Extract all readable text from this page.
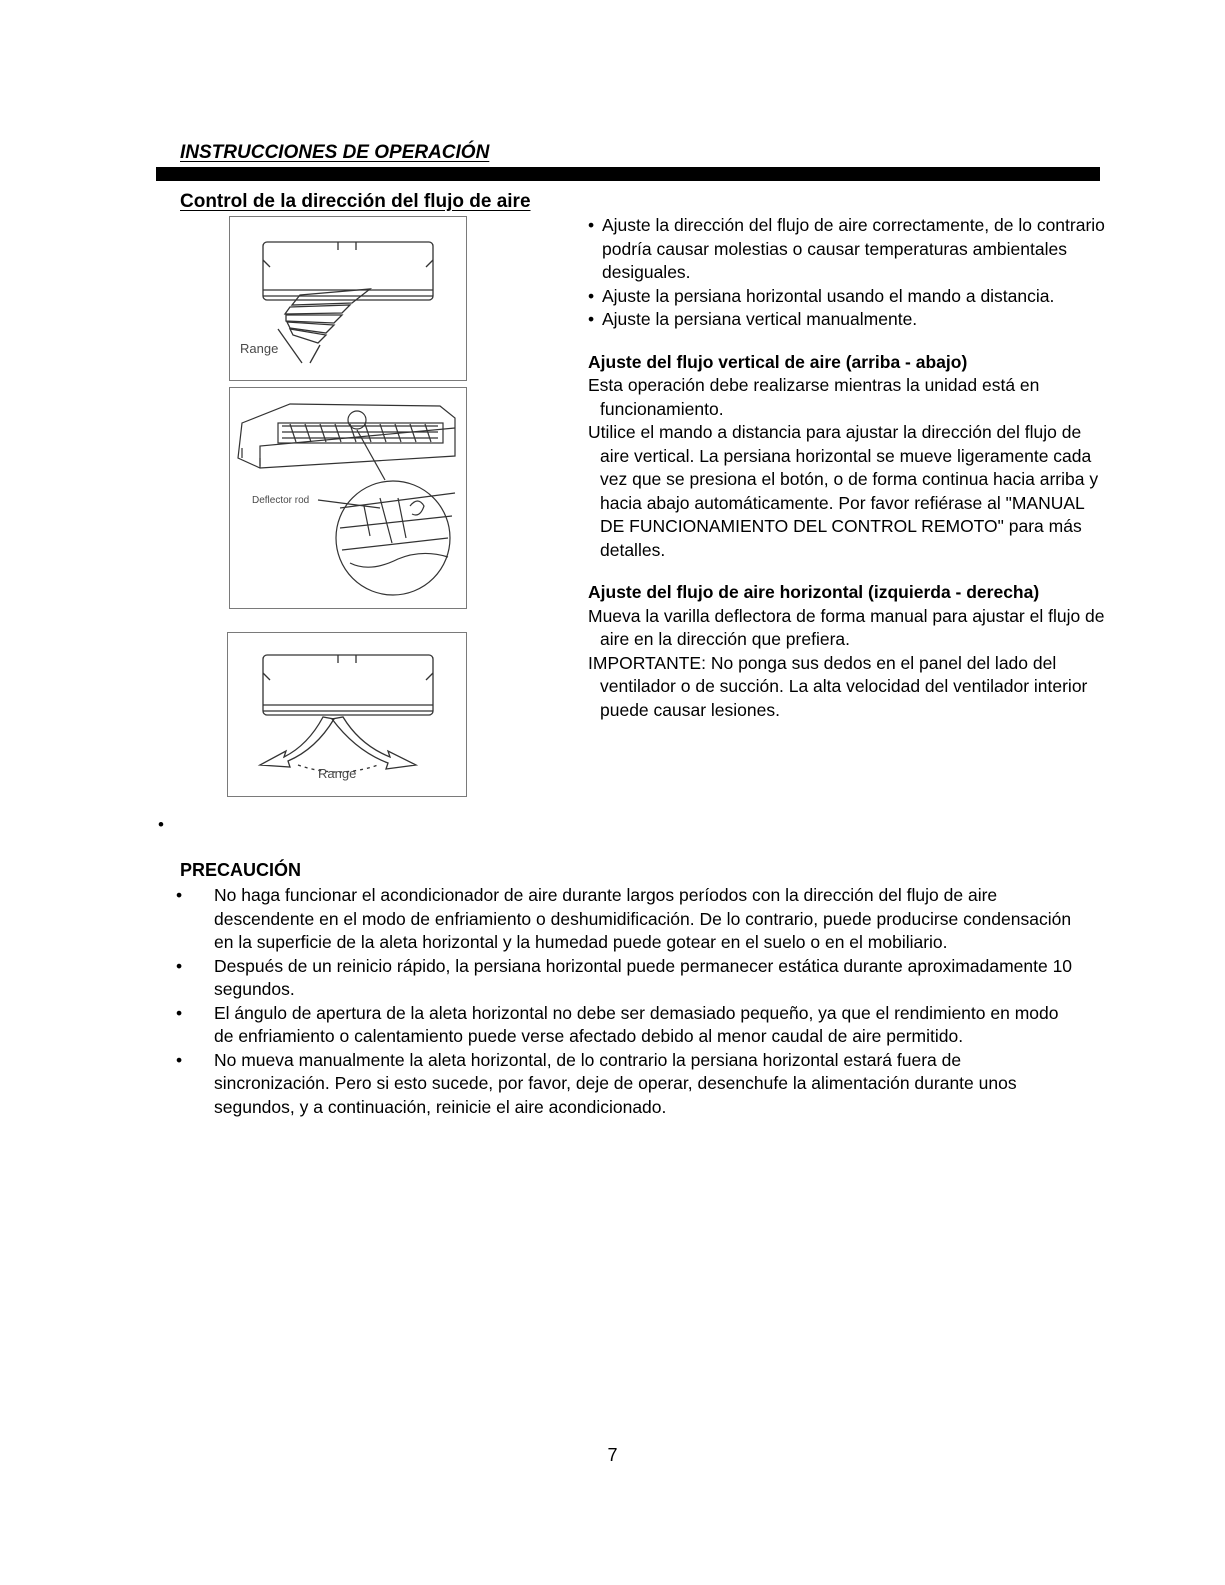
INSTRUCCIONES DE OPERACIÓN
Control de la dirección del flujo de aire
Range
Deflector rod
Range

• Ajuste la dirección del flujo de aire correctamente, de lo contrario podría causar molestias o causar temperaturas ambientales desiguales.

• Ajuste la persiana horizontal usando el mando a distancia.

• Ajuste la persiana vertical manualmente.

Ajuste del flujo vertical de aire (arriba - abajo)

Esta operación debe realizarse mientras la unidad está en funcionamiento.

Utilice el mando a distancia para ajustar la dirección del flujo de aire vertical. La persiana horizontal se mueve ligeramente cada vez que se presiona el botón, o de forma continua hacia arriba y hacia abajo automáticamente. Por favor refiérase al "MANUAL DE FUNCIONAMIENTO DEL CONTROL REMOTO" para más detalles.

Ajuste del flujo de aire horizontal (izquierda - derecha)

Mueva la varilla deflectora de forma manual para ajustar el flujo de aire en la dirección que prefiera.

IMPORTANTE: No ponga sus dedos en el panel del lado del ventilador o de succión. La alta velocidad del ventilador interior puede causar lesiones.

•
PRECAUCIÓN
• No haga funcionar el acondicionador de aire durante largos períodos con la dirección del flujo de aire descendente en el modo de enfriamiento o deshumidificación. De lo contrario, puede producirse condensación en la superficie de la aleta horizontal y la humedad puede gotear en el suelo o en el mobiliario.
• Después de un reinicio rápido, la persiana horizontal puede permanecer estática durante aproximadamente 10 segundos.
• El ángulo de apertura de la aleta horizontal no debe ser demasiado pequeño, ya que el rendimiento en modo de enfriamiento o calentamiento puede verse afectado debido al menor caudal de aire permitido.
• No mueva manualmente la aleta horizontal, de lo contrario la persiana horizontal estará fuera de sincronización. Pero si esto sucede, por favor, deje de operar, desenchufe la alimentación durante unos segundos, y a continuación, reinicie el aire acondicionado.
7
